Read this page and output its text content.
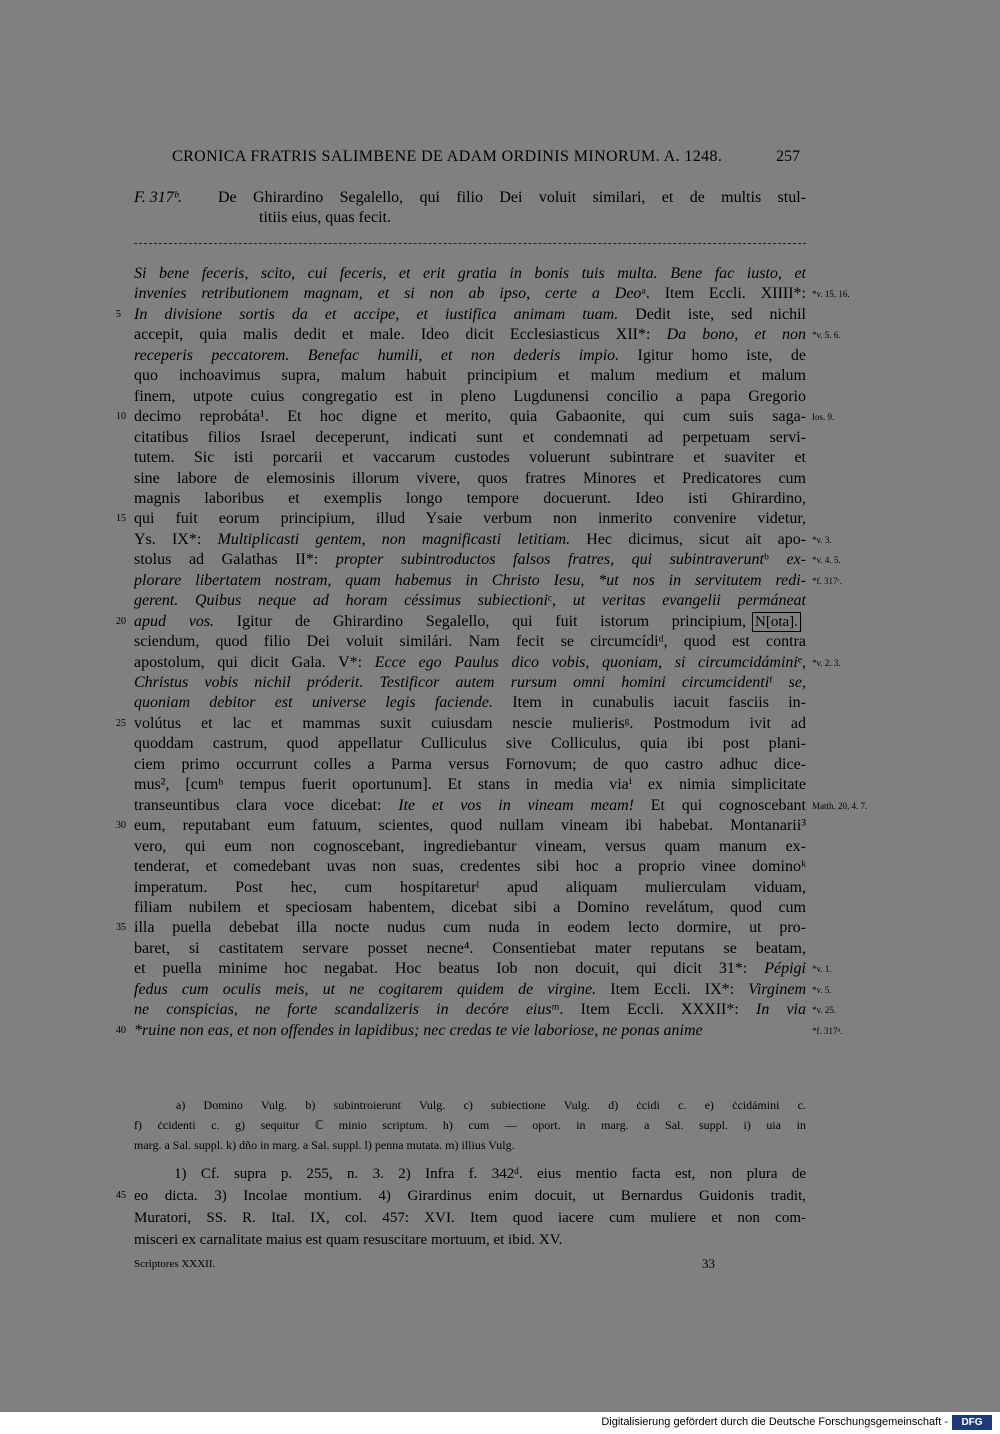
CRONICA FRATRIS SALIMBENE DE ADAM ORDINIS MINORUM. A. 1248.	257
F. 317ᵇ. De Ghirardino Segalello, qui filio Dei voluit similari, et de multis stul-
titiis eius, quas fecit.
Scriptores XXXII.	33
Si bene feceris, scito, cui feceris, et erit gratia in bonis tuis multa. Bene fac iusto, et
invenies retributionem magnam, et si non ab ipso, certe a Deoᵃ. Item Eccli. XIIII*: *v. 15. 16.
In divisione sortis da et accipe, et iustifica animam tuam. Dedit iste, sed nichil
5
accepit, quia malis dedit et male. Ideo dicit Ecclesiasticus XII*: Da bono, et non *v. 5. 6.
receperis peccatorem. Benefac humili, et non dederis impio. Igitur homo iste, de
quo inchoavimus supra, malum habuit principium et malum medium et malum
finem, utpote cuius congregatio est in pleno Lugdunensi concilio a papa Gregorio
decimo reprobáta¹. Et hoc digne et merito, quia Gabaonite, qui cum suis saga-
10	Ios. 9.
citatibus filios Israel deceperunt, indicati sunt et condemnati ad perpetuam servi-
tutem. Sic isti porcarii et vaccarum custodes voluerunt subintrare et suaviter et
sine labore de elemosinis illorum vivere, quos fratres Minores et Predicatores cum
magnis laboribus et exemplis longo tempore docuerunt. Ideo isti Ghirardino,
qui fuit eorum principium, illud Ysaie verbum non inmerito convenire videtur,
15
Ys. IX*: Multiplicasti gentem, non magnificasti letitiam. Hec dicimus, sicut ait apo- *v. 3.
stolus ad Galathas II*: propter subintroductos falsos fratres, qui subintraveruntᵇ ex- *v. 4. 5.
plorare libertatem nostram, quam habemus in Christo Iesu, *ut nos in servitutem redi- *f. 317ᶜ.
gerent. Quibus neque ad horam céssimus subiectioniᶜ, ut veritas evangelii permáneat
apud vos. Igitur de Ghirardino Segalello, qui fuit istorum principium, N[ota].
20
sciendum, quod filio Dei voluit similári. Nam fecit se circumcídiᵈ, quod est contra
apostolum, qui dicit Gala. V*: Ecce ego Paulus dico vobis, quoniam, si circumcidáminiᵉ, *v. 2. 3.
Christus vobis nichil próderit. Testificor autem rursum omni homini circumcidentiᶠ se,
quoniam debitor est universe legis faciende. Item in cunabulis iacuit fasciis in-
volútus et lac et mammas suxit cuiusdam nescie mulierisᵍ. Postmodum ivit ad
25
quoddam castrum, quod appellatur Culliculus sive Colliculus, quia ibi post plani-
ciem primo occurrunt colles a Parma versus Fornovum; de quo castro adhuc dice-
mus², [cumʰ tempus fuerit oportunum]. Et stans in media viaⁱ ex nimia simplicitate
transeuntibus clara voce dicebat: Ite et vos in vineam meam! Et qui cognoscebant Matth. 20, 4. 7.
eum, reputabant eum fatuum, scientes, quod nullam vineam ibi habebat. Montanarii³
30
vero, qui eum non cognoscebant, ingrediebantur vineam, versus quam manum ex-
tenderat, et comedebant uvas non suas, credentes sibi hoc a proprio vinee dominoᵏ
imperatum. Post hec, cum hospitareturˡ apud aliquam mulierculam viduam,
filiam nubilem et speciosam habentem, dicebat sibi a Domino revelátum, quod cum
illa puella debebat illa nocte nudus cum nuda in eodem lecto dormire, ut pro-
35
baret, si castitatem servare posset necne⁴. Consentiebat mater reputans se beatam,
et puella minime hoc negabat. Hoc beatus Iob non docuit, qui dicit 31*: Pépigi *v. 1.
fedus cum oculis meis, ut ne cogitarem quidem de virgine. Item Eccli. IX*: Virginem *v. 5.
ne conspicias, ne forte scandalizeris in decóre eiusᵐ. Item Eccli. XXXII*: In via *v. 25.
*ruine non eas, et non offendes in lapidibus; nec credas te vie laboriose, ne ponas anime
40	*f. 317ᵈ.
a) Domino Vulg. b) subintroierunt Vulg. c) subiectione Vulg. d) ċcidi c. e) ċcidámini c.
f) ċcidenti c. g) sequitur ℂ minio scriptum. h) cum — oport. in marg. a Sal. suppl. i) uia in
marg. a Sal. suppl. k) dño in marg. a Sal. suppl. l) penna mutata. m) illius Vulg.
1) Cf. supra p. 255, n. 3. 2) Infra f. 342ᵈ. eius mentio facta est, non plura de
eo dicta. 3) Incolae montium. 4) Girardinus enim docuit, ut Bernardus Guidonis tradit,
45
Muratori, SS. R. Ital. IX, col. 457: XVI. Item quod iacere cum muliere et non com-
misceri ex carnalitate maius est quam resuscitare mortuum, et ibid. XV.
Digitalisierung gefördert durch die Deutsche Forschungsgemeinschaft -	DFG
